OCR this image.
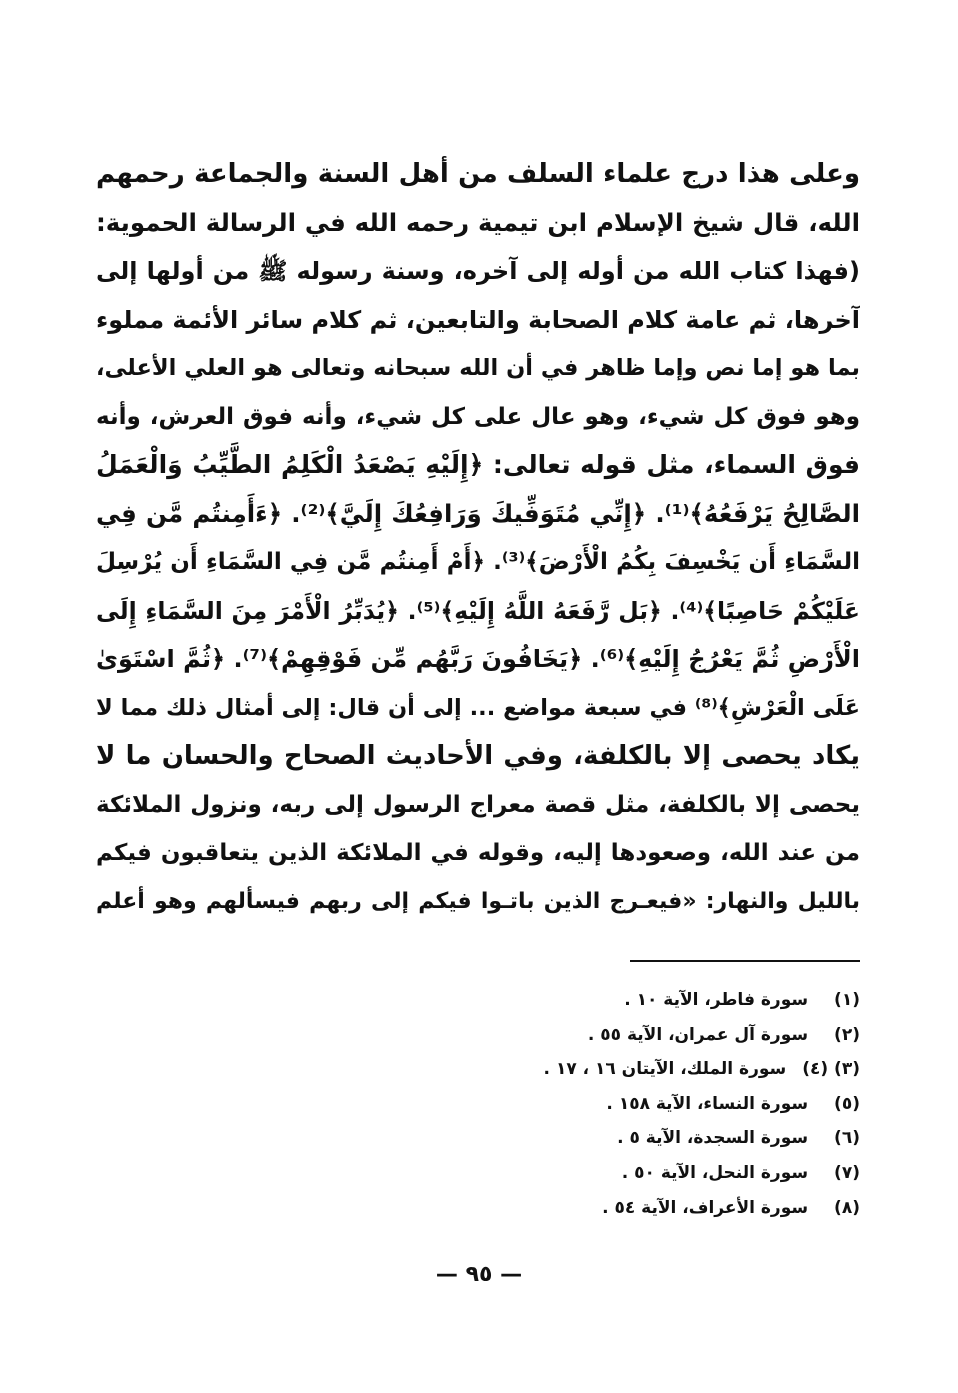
وعلى هذا درج علماء السلف من أهل السنة والجماعة رحمهم
الله، قال شيخ الإسلام ابن تيمية رحمه الله في الرسالة الحموية:
(فهذا كتاب الله من أوله إلى آخره، وسنة رسوله ﷺ من أولها إلى
آخرها، ثم عامة كلام الصحابة والتابعين، ثم كلام سائر الأئمة مملوء
بما هو إما نص وإما ظاهر في أن الله سبحانه وتعالى هو العلي الأعلى،
وهو فوق كل شيء، وهو عال على كل شيء، وأنه فوق العرش، وأنه
فوق السماء، مثل قوله تعالى: ﴿إِلَيْهِ يَصْعَدُ الْكَلِمُ الطَّيِّبُ وَالْعَمَلُ
الصَّالِحُ يَرْفَعُهُ﴾⁽¹⁾. ﴿إِنِّي مُتَوَفِّيكَ وَرَافِعُكَ إِلَيَّ﴾⁽²⁾. ﴿ءَأَمِنتُم مَّن فِي
السَّمَاءِ أَن يَخْسِفَ بِكُمُ الْأَرْضَ﴾⁽³⁾. ﴿أَمْ أَمِنتُم مَّن فِي السَّمَاءِ أَن يُرْسِلَ
عَلَيْكُمْ حَاصِبًا﴾⁽⁴⁾. ﴿بَل رَّفَعَهُ اللَّهُ إِلَيْهِ﴾⁽⁵⁾. ﴿يُدَبِّرُ الْأَمْرَ مِنَ السَّمَاءِ إِلَى
الْأَرْضِ ثُمَّ يَعْرُجُ إِلَيْهِ﴾⁽⁶⁾. ﴿يَخَافُونَ رَبَّهُم مِّن فَوْقِهِمْ﴾⁽⁷⁾. ﴿ثُمَّ اسْتَوَىٰ
عَلَى الْعَرْشِ﴾⁽⁸⁾ في سبعة مواضع ... إلى أن قال: إلى أمثال ذلك مما لا
يكاد يحصى إلا بالكلفة، وفي الأحاديث الصحاح والحسان ما لا
يحصى إلا بالكلفة، مثل قصة معراج الرسول إلى ربه، ونزول الملائكة
من عند الله، وصعودها إليه، وقوله في الملائكة الذين يتعاقبون فيكم
بالليل والنهار: «فيعـرج الذين باتـوا فيكم إلى ربهم فيسألهم وهو أعلم
(١) سورة فاطر، الآية ١٠ .
(٢) سورة آل عمران، الآية ٥٥ .
(٣) (٤) سورة الملك، الآيتان ١٦ ، ١٧ .
(٥) سورة النساء، الآية ١٥٨ .
(٦) سورة السجدة، الآية ٥ .
(٧) سورة النحل، الآية ٥٠ .
(٨) سورة الأعراف، الآية ٥٤ .
— ٩٥ —
